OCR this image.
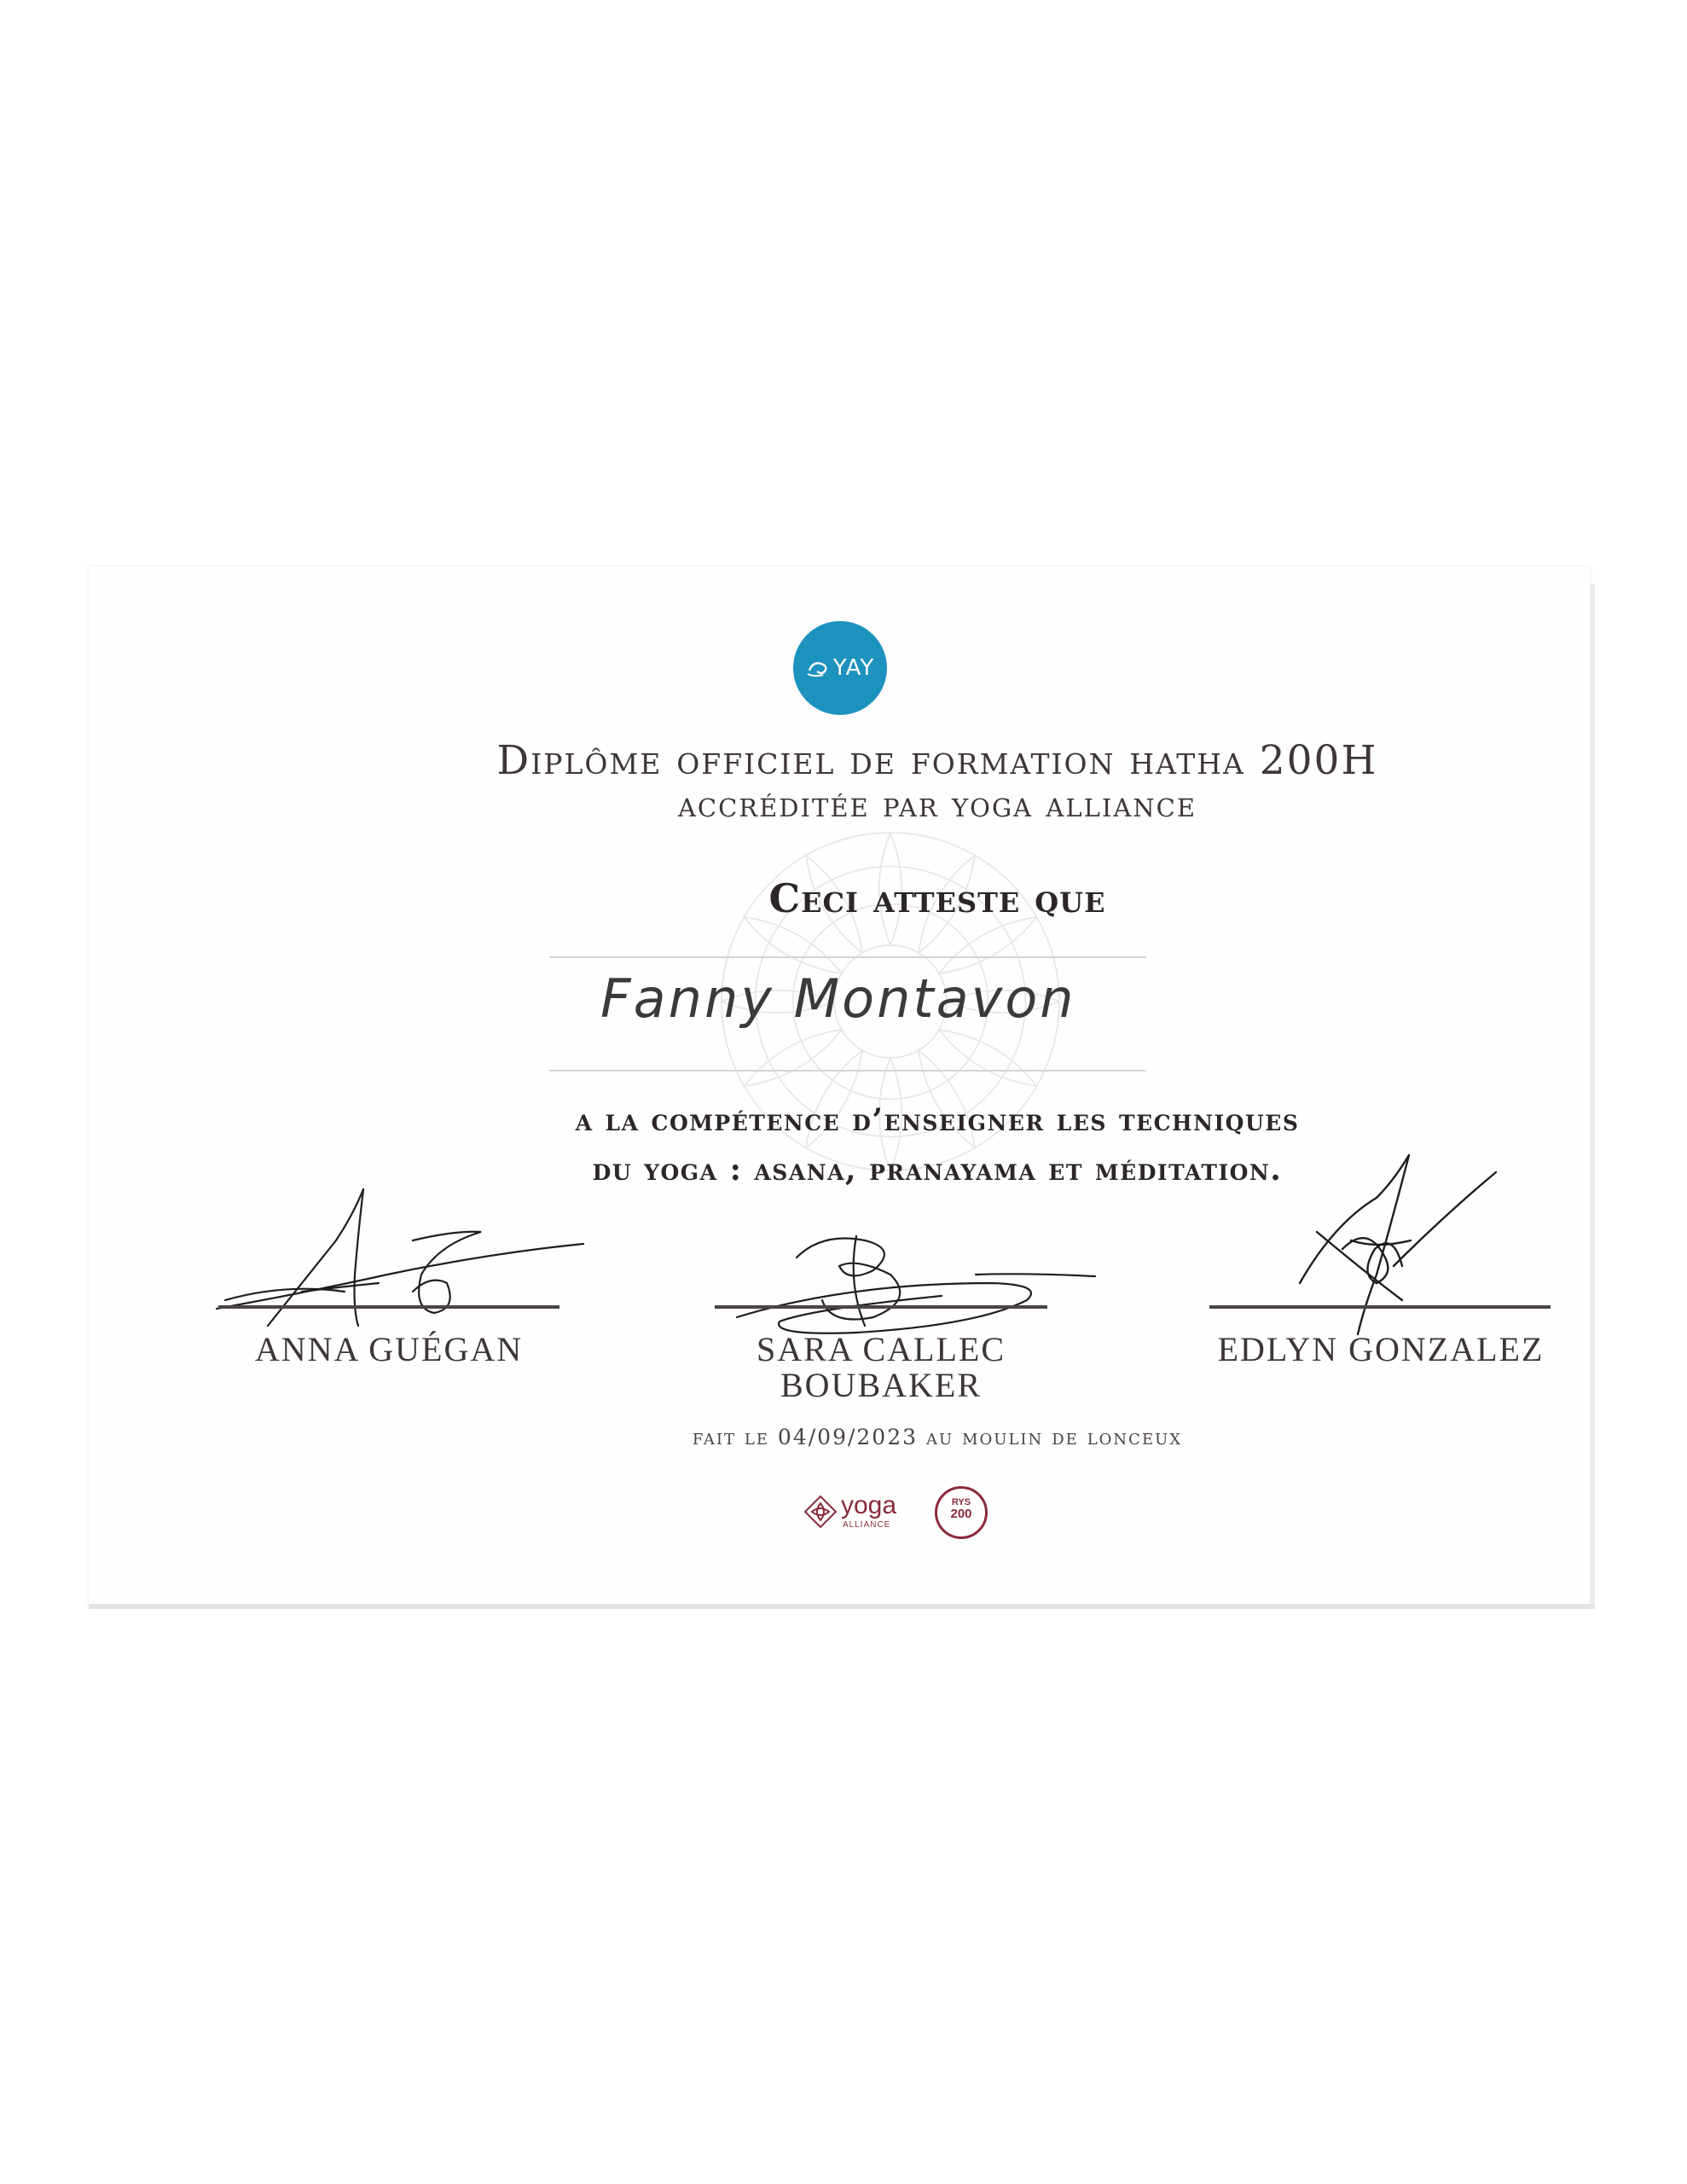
YAY
Diplôme officiel de formation hatha 200H
accréditée par yoga alliance
Ceci atteste que
Fanny Montavon
a la compétence d’enseigner les techniques
du yoga : asana, pranayama et méditation.
ANNA GUÉGAN	SARA CALLEC
BOUBAKER
EDLYN GONZALEZ
fait le 04/09/2023 au moulin de lonceux
yoga
ALLIANCE
RYS
200
